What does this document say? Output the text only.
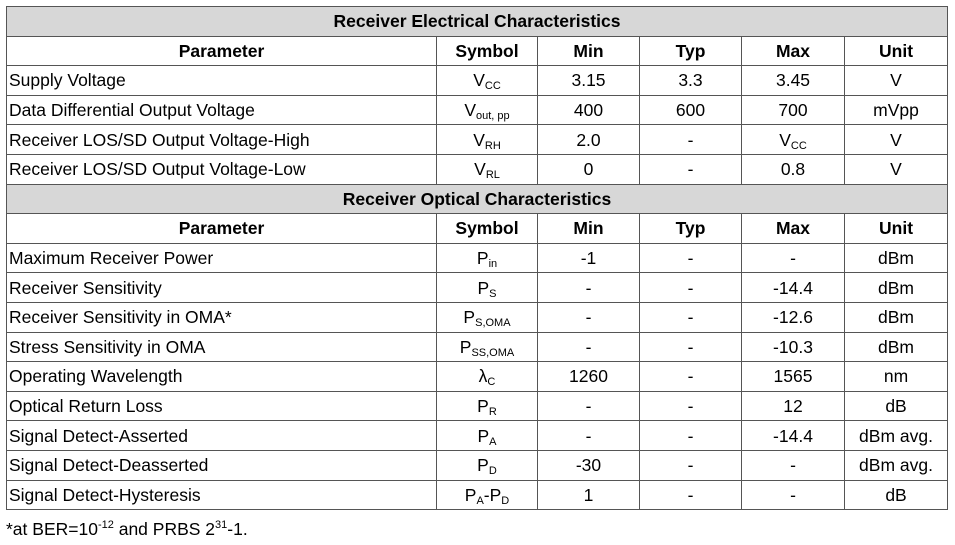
Receiver Electrical Characteristics					
Parameter	Symbol	Min	Typ	Max	Unit
Supply Voltage	$V_{CC}$	3.15	3.3	3.45	V
Data Differential Output Voltage	$V_{out, pp}$	400	600	700	mVpp
Receiver LOS/SD Output Voltage-High	$V_{RH}$	2.0	-	$V_{CC}$	V
Receiver LOS/SD Output Voltage-Low	$V_{RL}$	0	-	0.8	V
Receiver Optical Characteristics					
Parameter	Symbol	Min	Typ	Max	Unit
Maximum Receiver Power	$P_{in}$	-1	-	-	dBm
Receiver Sensitivity	$P_S$	-	-	-14.4	dBm
Receiver Sensitivity in OMA*	$P_{S,OMA}$	-	-	-12.6	dBm
Stress Sensitivity in OMA	$P_{SS,OMA}$	-	-	-10.3	dBm
Operating Wavelength	$\lambda_C$	1260	-	1565	nm
Optical Return Loss	$P_R$	-	-	12	dB
Signal Detect-Asserted	$P_A$	-	-	-14.4	dBm avg.
Signal Detect-Deasserted	$P_D$	-30	-	-	dBm avg.
Signal Detect-Hysteresis	$P_A-P_D$	1	-	-	dB
*at $BER=10^{-12}$ and PRBS $2^{31}-1$.
